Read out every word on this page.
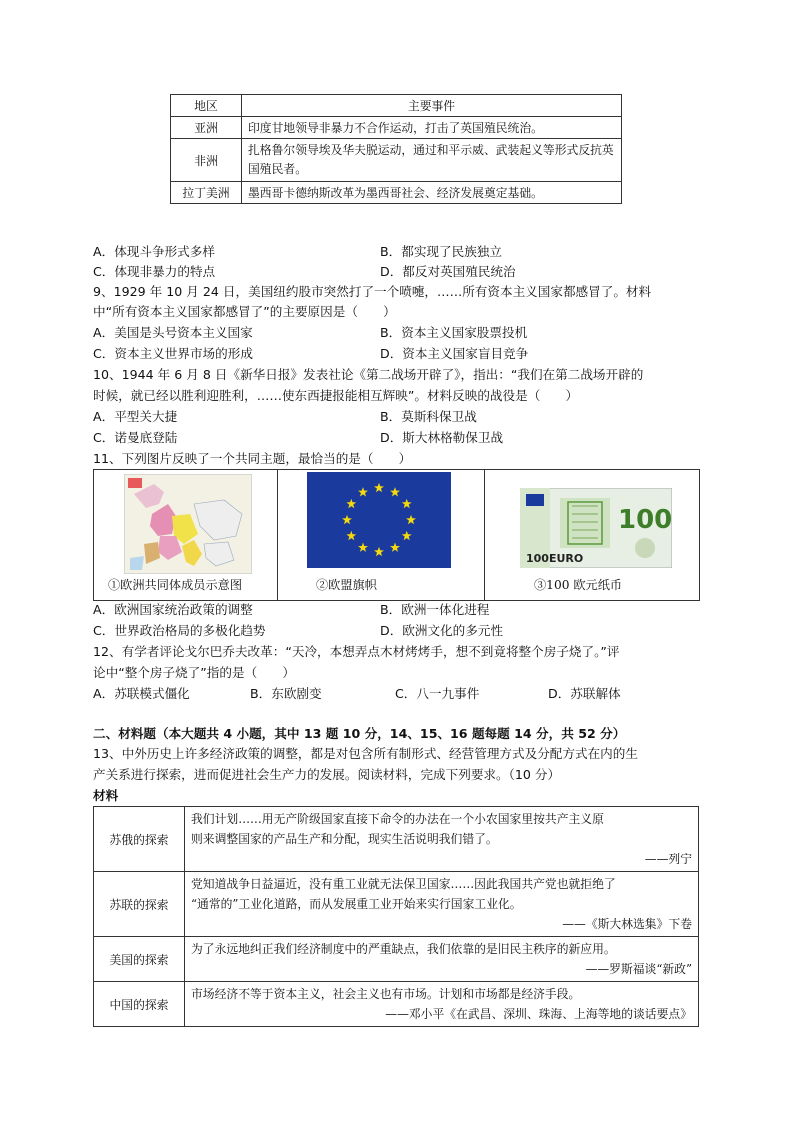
地区	主要事件
亚洲	印度甘地领导非暴力不合作运动，打击了英国殖民统治。
非洲	扎格鲁尔领导埃及华夫脱运动，通过和平示威、武装起义等形式反抗英国殖民者。
拉丁美洲	墨西哥卡德纳斯改革为墨西哥社会、经济发展奠定基础。
A．体现斗争形式多样	B．都实现了民族独立
C．体现非暴力的特点	D．都反对英国殖民统治
9、1929 年 10 月 24 日，美国纽约股市突然打了一个喷嚏，……所有资本主义国家都感冒了。材料
中“所有资本主义国家都感冒了”的主要原因是（　　）
A．美国是头号资本主义国家	B．资本主义国家股票投机
C．资本主义世界市场的形成	D．资本主义国家盲目竞争
10、1944 年 6 月 8 日《新华日报》发表社论《第二战场开辟了》，指出：“我们在第二战场开辟的
时候，就已经以胜利迎胜利，……使东西捷报能相互辉映”。材料反映的战役是（　　）
A．平型关大捷	B．莫斯科保卫战
C．诺曼底登陆	D．斯大林格勒保卫战
11、下列图片反映了一个共同主题，最恰当的是（　　）
100
100EURO
①欧洲共同体成员示意图	②欧盟旗帜	③100 欧元纸币
A．欧洲国家统治政策的调整	B．欧洲一体化进程
C．世界政治格局的多极化趋势	D．欧洲文化的多元性
12、有学者评论戈尔巴乔夫改革：“天冷，本想弄点木材烤烤手，想不到竟将整个房子烧了。”评
论中“整个房子烧了”指的是（　　）
A．苏联模式僵化	B．东欧剧变	C．八一九事件	D．苏联解体
二、材料题（本大题共 4 小题，其中 13 题 10 分，14、15、16 题每题 14 分，共 52 分）
13、中外历史上许多经济政策的调整，都是对包含所有制形式、经营管理方式及分配方式在内的生
产关系进行探索，进而促进社会生产力的发展。阅读材料，完成下列要求。（10 分）
材料
苏俄的探索	我们计划……用无产阶级国家直接下命令的办法在一个小农国家里按共产主义原
则来调整国家的产品生产和分配，现实生活说明我们错了。
——列宁

苏联的探索	党知道战争日益逼近，没有重工业就无法保卫国家……因此我国共产党也就拒绝了
“通常的”工业化道路，而从发展重工业开始来实行国家工业化。
——《斯大林选集》下卷

美国的探索	为了永远地纠正我们经济制度中的严重缺点，我们依靠的是旧民主秩序的新应用。
——罗斯福谈“新政”

中国的探索	市场经济不等于资本主义，社会主义也有市场。计划和市场都是经济手段。
——邓小平《在武昌、深圳、珠海、上海等地的谈话要点》
